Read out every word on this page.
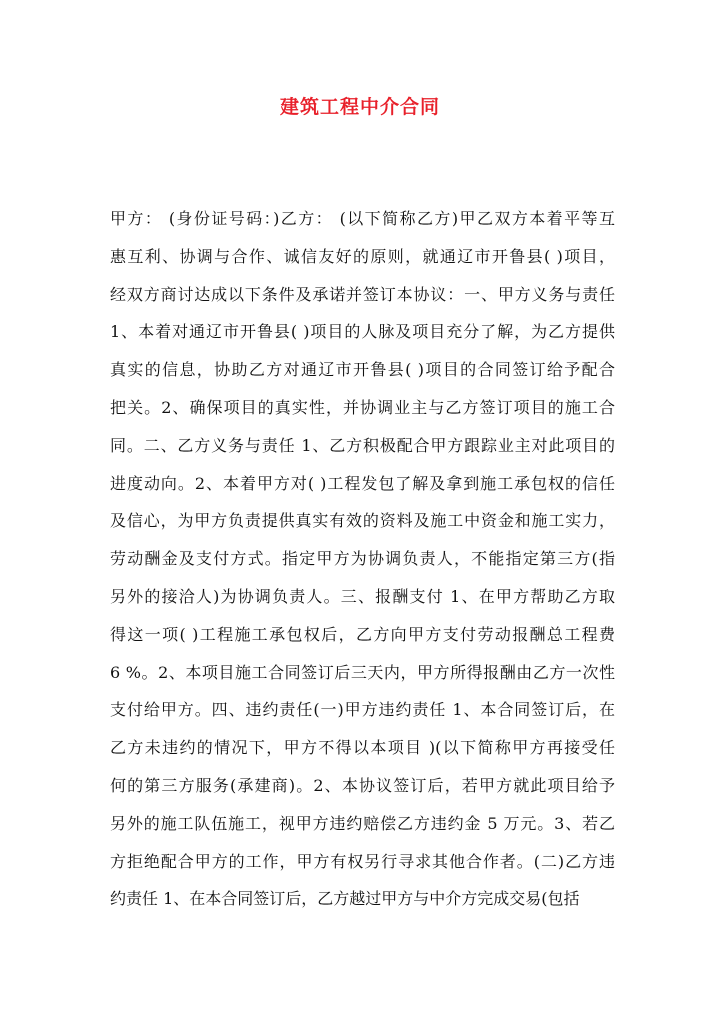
建筑工程中介合同
甲方： (身份证号码：)乙方： (以下简称乙方)甲乙双方本着平等互
惠互利、协调与合作、诚信友好的原则，就通辽市开鲁县( )项目，
经双方商讨达成以下条件及承诺并签订本协议：一、甲方义务与责任
1、本着对通辽市开鲁县( )项目的人脉及项目充分了解，为乙方提供
真实的信息，协助乙方对通辽市开鲁县( )项目的合同签订给予配合
把关。2、确保项目的真实性，并协调业主与乙方签订项目的施工合
同。二、乙方义务与责任 1、乙方积极配合甲方跟踪业主对此项目的
进度动向。2、本着甲方对( )工程发包了解及拿到施工承包权的信任
及信心，为甲方负责提供真实有效的资料及施工中资金和施工实力，
劳动酬金及支付方式。指定甲方为协调负责人，不能指定第三方(指
另外的接洽人)为协调负责人。三、报酬支付 1、在甲方帮助乙方取
得这一项( )工程施工承包权后，乙方向甲方支付劳动报酬总工程费
6 %。2、本项目施工合同签订后三天内，甲方所得报酬由乙方一次性
支付给甲方。四、违约责任(一)甲方违约责任 1、本合同签订后，在
乙方未违约的情况下，甲方不得以本项目 )(以下简称甲方再接受任
何的第三方服务(承建商)。2、本协议签订后，若甲方就此项目给予
另外的施工队伍施工，视甲方违约赔偿乙方违约金 5 万元。3、若乙
方拒绝配合甲方的工作，甲方有权另行寻求其他合作者。(二)乙方违
约责任 1、在本合同签订后，乙方越过甲方与中介方完成交易(包括
